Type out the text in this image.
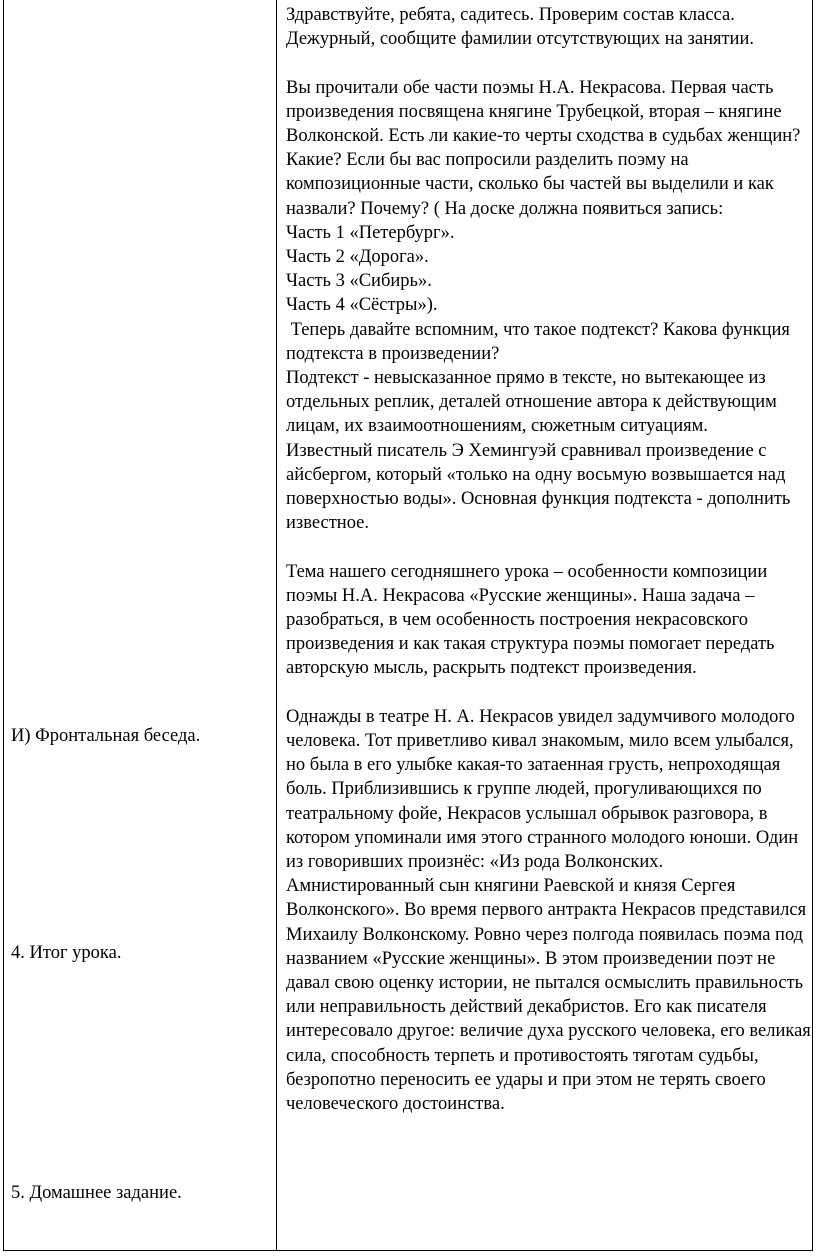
И) Фронтальная беседа.
4. Итог урока.
5. Домашнее задание.

Здравствуйте, ребята, садитесь. Проверим состав класса. Дежурный, сообщите фамилии отсутствующих на занятии.

Вы прочитали обе части поэмы Н.А. Некрасова. Первая часть произведения посвящена княгине Трубецкой, вторая – княгине Волконской. Есть ли какие-то черты сходства в судьбах женщин? Какие? Если бы вас попросили разделить поэму на композиционные части, сколько бы частей вы выделили и как назвали? Почему? ( На доске должна появиться запись:

Часть 1 «Петербург».

Часть 2 «Дорога».

Часть 3 «Сибирь».

Часть 4 «Сёстры»).

Теперь давайте вспомним, что такое подтекст? Какова функция подтекста в произведении?

Подтекст - невысказанное прямо в тексте, но вытекающее из отдельных реплик, деталей отношение автора к действующим лицам, их взаимоотношениям, сюжетным ситуациям.

Известный писатель Э Хемингуэй сравнивал произведение с айсбергом, который «только на одну восьмую возвышается над поверхностью воды». Основная функция подтекста - дополнить известное.

Тема нашего сегодняшнего урока – особенности композиции поэмы Н.А. Некрасова «Русские женщины». Наша задача – разобраться, в чем особенность построения некрасовского произведения и как такая структура поэмы помогает передать авторскую мысль, раскрыть подтекст произведения.

Однажды в театре Н. А. Некрасов увидел задумчивого молодого человека. Тот приветливо кивал знакомым, мило всем улыбался, но была в его улыбке какая-то затаенная грусть, непроходящая боль. Приблизившись к группе людей, прогуливающихся по театральному фойе, Некрасов услышал обрывок разговора, в котором упоминали имя этого странного молодого юноши. Один из говоривших произнёс: «Из рода Волконских. Амнистированный сын княгини Раевской и князя Сергея Волконского». Во время первого антракта Некрасов представился Михаилу Волконскому. Ровно через полгода появилась поэма под названием «Русские женщины». В этом произведении поэт не давал свою оценку истории, не пытался осмыслить правильность или неправильность действий декабристов. Его как писателя интересовало другое: величие духа русского человека, его великая сила, способность терпеть и противостоять тяготам судьбы, безропотно переносить ее удары и при этом не терять своего человеческого достоинства.
